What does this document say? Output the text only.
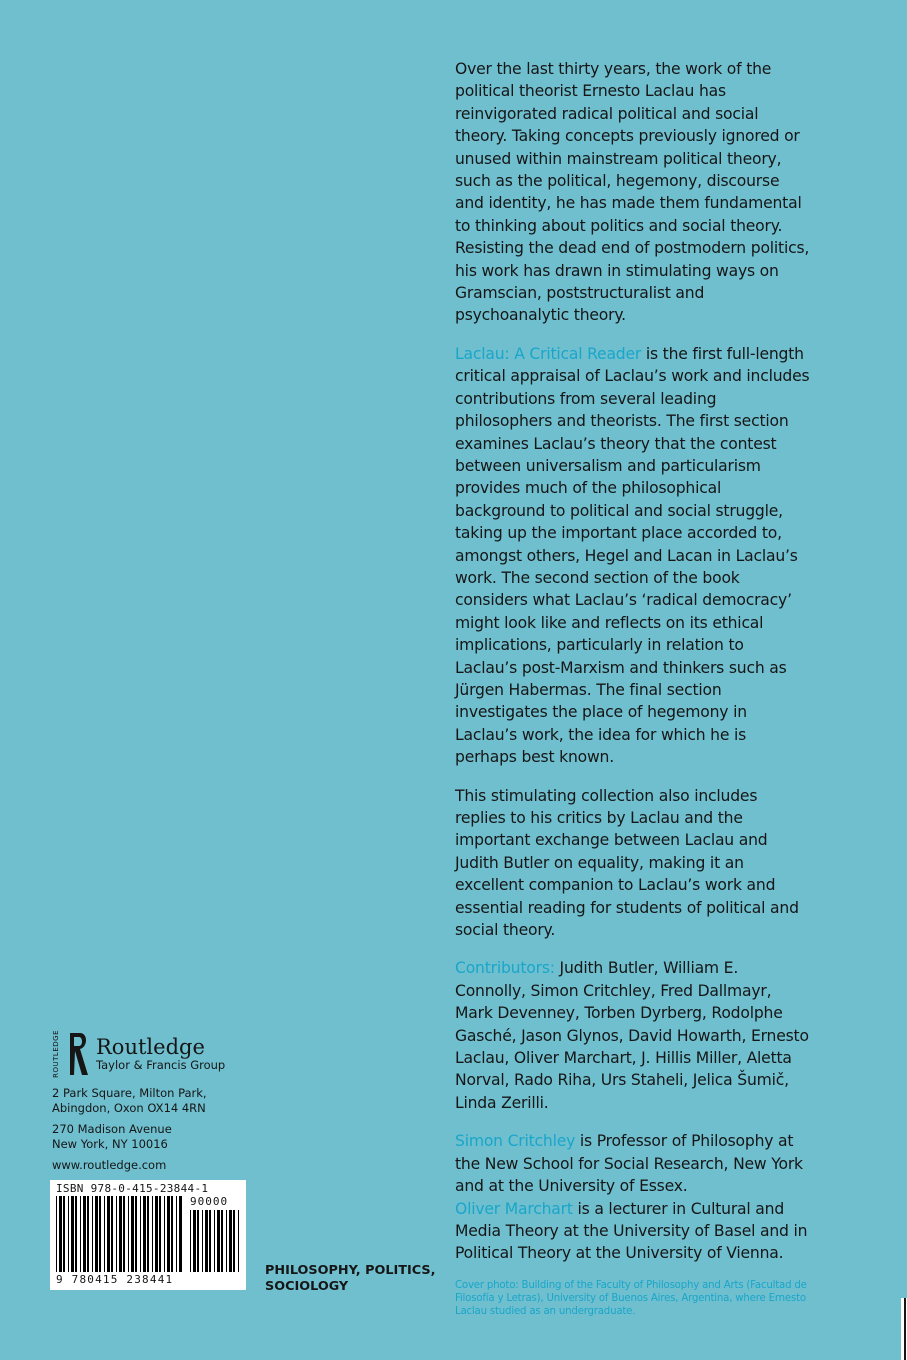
Over the last thirty years, the work of the political theorist Ernesto Laclau has reinvigorated radical political and social theory. Taking concepts previously ignored or unused within mainstream political theory, such as the political, hegemony, discourse and identity, he has made them fundamental to thinking about politics and social theory. Resisting the dead end of postmodern politics, his work has drawn in stimulating ways on Gramscian, poststructuralist and psychoanalytic theory.

Laclau: A Critical Reader is the first full-length critical appraisal of Laclau’s work and includes contributions from several leading philosophers and theorists. The first section examines Laclau’s theory that the contest between universalism and particularism provides much of the philosophical background to political and social struggle, taking up the important place accorded to, amongst others, Hegel and Lacan in Laclau’s work. The second section of the book considers what Laclau’s ‘radical democracy’ might look like and reflects on its ethical implications, particularly in relation to Laclau’s post-Marxism and thinkers such as Jürgen Habermas. The final section investigates the place of hegemony in Laclau’s work, the idea for which he is perhaps best known.

This stimulating collection also includes replies to his critics by Laclau and the important exchange between Laclau and Judith Butler on equality, making it an excellent companion to Laclau’s work and essential reading for students of political and social theory.

Contributors: Judith Butler, William E. Connolly, Simon Critchley, Fred Dallmayr, Mark Devenney, Torben Dyrberg, Rodolphe Gasché, Jason Glynos, David Howarth, Ernesto Laclau, Oliver Marchart, J. Hillis Miller, Aletta Norval, Rado Riha, Urs Staheli, Jelica Šumič, Linda Zerilli.

Simon Critchley is Professor of Philosophy at the New School for Social Research, New York and at the University of Essex.
Oliver Marchart is a lecturer in Cultural and Media Theory at the University of Basel and in Political Theory at the University of Vienna.

Cover photo: Building of the Faculty of Philosophy and Arts (Facultad de Filosofía y Letras), University of Buenos Aires, Argentina, where Ernesto Laclau studied as an undergraduate.
ROUTLEDGE Routledge
Taylor & Francis Group
2 Park Square, Milton Park,
Abingdon, Oxon OX14 4RN
270 Madison Avenue
New York, NY 10016
www.routledge.com
ISBN 978-0-415-23844-1
90000
9 780415 238441
PHILOSOPHY, POLITICS,
SOCIOLOGY
